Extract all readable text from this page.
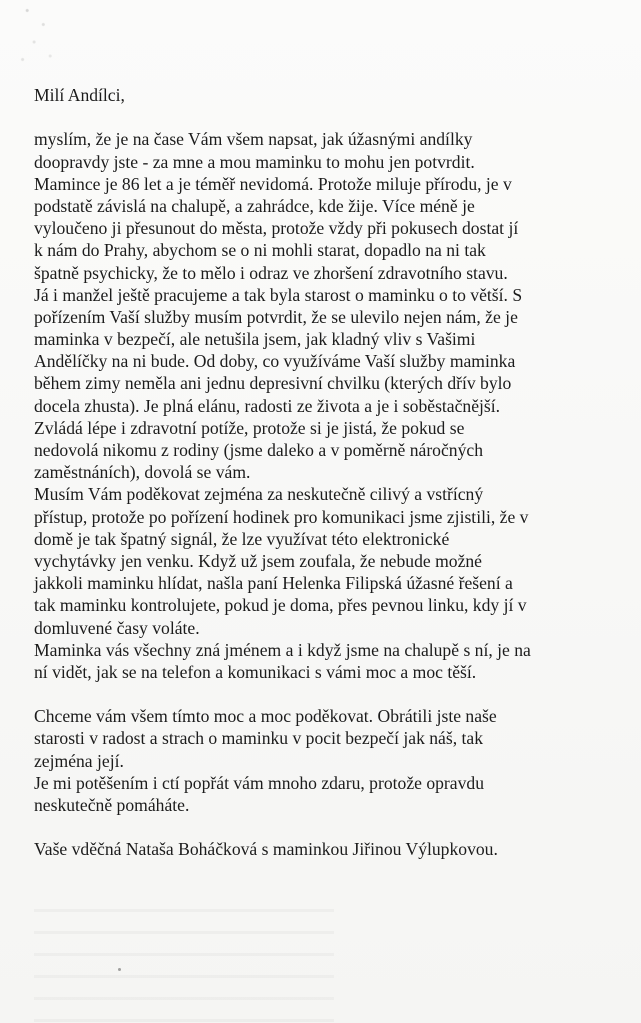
Milí Andílci,
myslím, že je na čase Vám všem napsat, jak úžasnými andílky
doopravdy jste - za mne a mou maminku to mohu jen potvrdit.
Mamince je 86 let a je téměř nevidomá. Protože miluje přírodu, je v
podstatě závislá na chalupě, a zahrádce, kde žije. Více méně je
vyloučeno ji přesunout do města, protože vždy při pokusech dostat jí
k nám do Prahy, abychom se o ni mohli starat, dopadlo na ni tak
špatně psychicky, že to mělo i odraz ve zhoršení zdravotního stavu.
Já i manžel ještě pracujeme a tak byla starost o maminku o to větší. S
pořízením Vaší služby musím potvrdit, že se ulevilo nejen nám, že je
maminka v bezpečí, ale netušila jsem, jak kladný vliv s Vašimi
Andělíčky na ni bude. Od doby, co využíváme Vaší služby maminka
během zimy neměla ani jednu depresivní chvilku (kterých dřív bylo
docela zhusta). Je plná elánu, radosti ze života a je i soběstačnější.
Zvládá lépe i zdravotní potíže, protože si je jistá, že pokud se
nedovolá nikomu z rodiny (jsme daleko a v poměrně náročných
zaměstnáních), dovolá se vám.
Musím Vám poděkovat zejména za neskutečně cilivý a vstřícný
přístup, protože po pořízení hodinek pro komunikaci jsme zjistili, že v
domě je tak špatný signál, že lze využívat této elektronické
vychytávky jen venku. Když už jsem zoufala, že nebude možné
jakkoli maminku hlídat, našla paní Helenka Filipská úžasné řešení a
tak maminku kontrolujete, pokud je doma, přes pevnou linku, kdy jí v
domluvené časy voláte.
Maminka vás všechny zná jménem a i když jsme na chalupě s ní, je na
ní vidět, jak se na telefon a komunikaci s vámi moc a moc těší.
Chceme vám všem tímto moc a moc poděkovat. Obrátili jste naše
starosti v radost a strach o maminku v pocit bezpečí jak náš, tak
zejména její.
Je mi potěšením i ctí popřát vám mnoho zdaru, protože opravdu
neskutečně pomáháte.
Vaše vděčná Nataša Boháčková s maminkou Jiřinou Výlupkovou.
